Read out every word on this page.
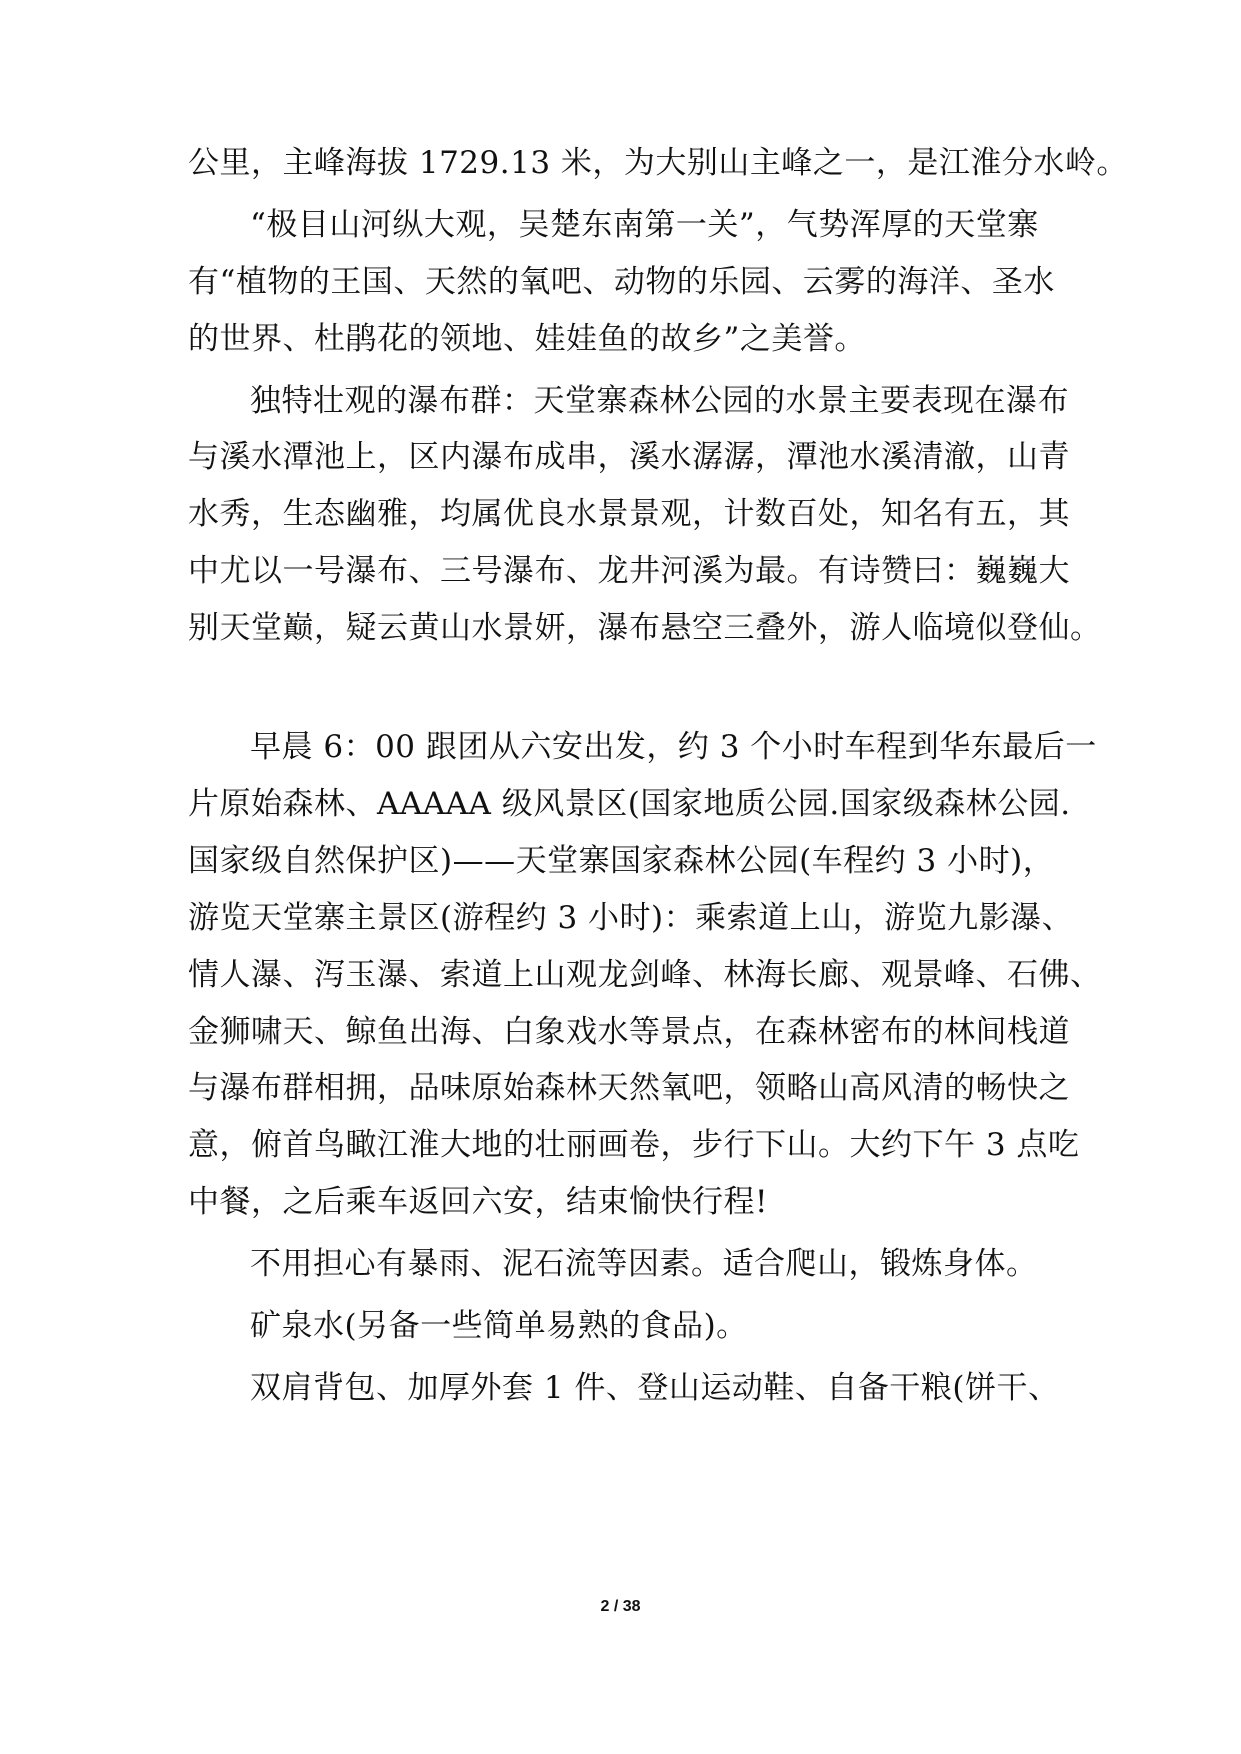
公里，主峰海拔 1729.13 米，为大别山主峰之一，是江淮分水岭。
“极目山河纵大观，吴楚东南第一关”，气势浑厚的天堂寨
有“植物的王国、天然的氧吧、动物的乐园、云雾的海洋、圣水
的世界、杜鹃花的领地、娃娃鱼的故乡”之美誉。
独特壮观的瀑布群：天堂寨森林公园的水景主要表现在瀑布
与溪水潭池上，区内瀑布成串，溪水潺潺，潭池水溪清澈，山青
水秀，生态幽雅，均属优良水景景观，计数百处，知名有五，其
中尤以一号瀑布、三号瀑布、龙井河溪为最。有诗赞曰：巍巍大
别天堂巅，疑云黄山水景妍，瀑布悬空三叠外，游人临境似登仙。
早晨 6：00 跟团从六安出发，约 3 个小时车程到华东最后一
片原始森林、AAAAA 级风景区(国家地质公园.国家级森林公园.
国家级自然保护区)——天堂寨国家森林公园(车程约 3 小时)，
游览天堂寨主景区(游程约 3 小时)：乘索道上山，游览九影瀑、
情人瀑、泻玉瀑、索道上山观龙剑峰、林海长廊、观景峰、石佛、
金狮啸天、鲸鱼出海、白象戏水等景点，在森林密布的林间栈道
与瀑布群相拥，品味原始森林天然氧吧，领略山高风清的畅快之
意，俯首鸟瞰江淮大地的壮丽画卷，步行下山。大约下午 3 点吃
中餐，之后乘车返回六安，结束愉快行程!
不用担心有暴雨、泥石流等因素。适合爬山，锻炼身体。
矿泉水(另备一些简单易熟的食品)。
双肩背包、加厚外套 1 件、登山运动鞋、自备干粮(饼干、
2 / 38
